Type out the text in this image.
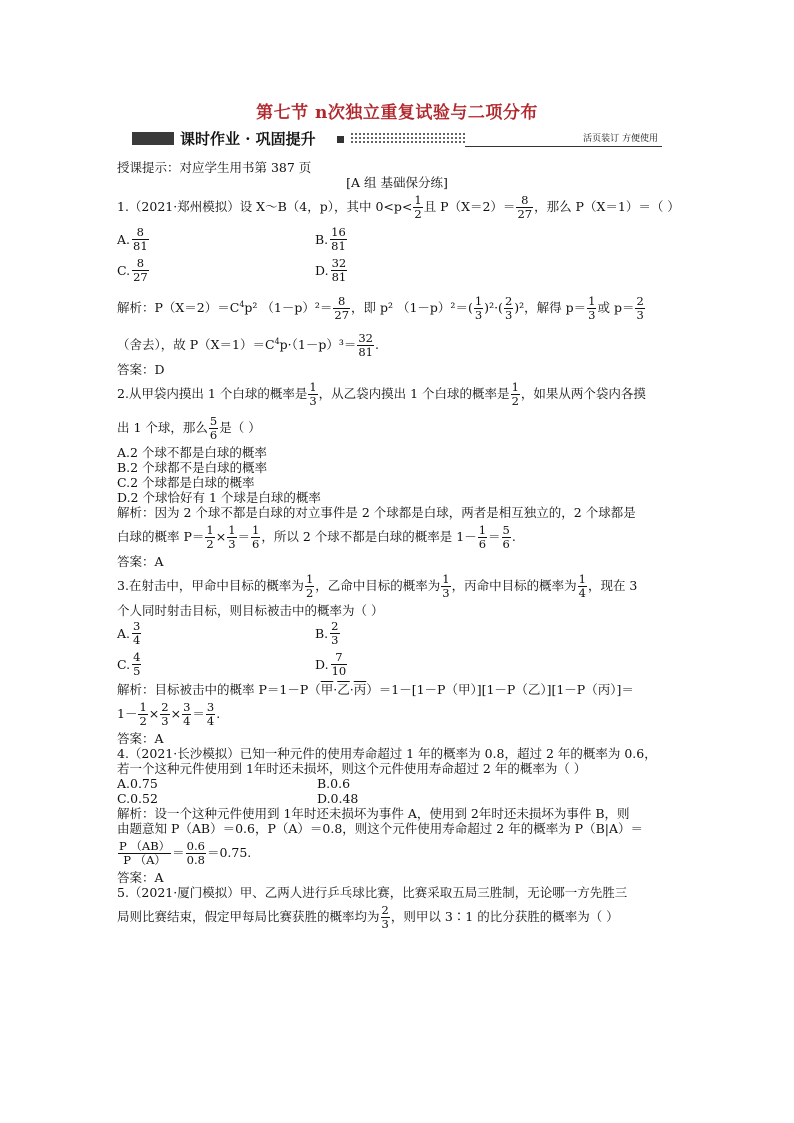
第七节 n次独立重复试验与二项分布
课时作业 · 巩固提升	活页装订 方便使用
授课提示：对应学生用书第 387 页
[A 组 基础保分练]
1.（2021·郑州模拟）设 X～B（4，p），其中 $0<p< \frac{1}{2}$ 且 $P(X=2)= \frac{8}{27}$ ，那么 P（X＝1）＝（ ）
A. $\frac{8}{81}$	B. $\frac{16}{81}$
C. $\frac{8}{27}$	D. $\frac{32}{81}$
解析：$P(X=2)=C^4p^2$ $(1-p)^2= \frac{8}{27}$ ，即 p² $(1-p)^2=( \frac{1}{3} )^2\cdot( \frac{2}{3} )^2$，解得 $p= \frac{1}{3}$ 或 $p= \frac{2}{3}$
（舍去），故 $P(X=1)=C^4p\cdot(1-p)^3= \frac{32}{81}$ .
答案：D
2.从甲袋内摸出 1 个白球的概率是 $\frac{1}{3}$ ，从乙袋内摸出 1 个白球的概率是 $\frac{1}{2}$ ，如果从两个袋内各摸
出 1 个球，那么 $\frac{5}{6}$ 是（ ）
A.2 个球不都是白球的概率
B.2 个球都不是白球的概率
C.2 个球都是白球的概率
D.2 个球恰好有 1 个球是白球的概率
解析：因为 2 个球不都是白球的对立事件是 2 个球都是白球，两者是相互独立的，2 个球都是
白球的概率 $P= \frac{1}{2} \times \frac{1}{3} = \frac{1}{6}$ ，所以 2 个球不都是白球的概率是 $1- \frac{1}{6} = \frac{5}{6}$ .
答案：A
3.在射击中，甲命中目标的概率为 $\frac{1}{2}$ ，乙命中目标的概率为 $\frac{1}{3}$ ，丙命中目标的概率为 $\frac{1}{4}$ ，现在 3
个人同时射击目标，则目标被击中的概率为（ ）
A. $\frac{3}{4}$	B. $\frac{2}{3}$
C. $\frac{4}{5}$	D. $\frac{7}{10}$
解析：目标被击中的概率 P＝1－P（甲·乙·丙）＝1－[1－P（甲）][1－P（乙）][1－P（丙）]＝
$1- \frac{1}{2} \times \frac{2}{3} \times \frac{3}{4} = \frac{3}{4}$ .
答案：A
4.（2021·长沙模拟）已知一种元件的使用寿命超过 1 年的概率为 0.8，超过 2 年的概率为 0.6，
若一个这种元件使用到 1年时还未损坏，则这个元件使用寿命超过 2 年的概率为（ ）
A.0.75	B.0.6
C.0.52	D.0.48
解析：设一个这种元件使用到 1年时还未损坏为事件 A，使用到 2年时还未损坏为事件 B，则
由题意知 P（AB）＝0.6，P（A）＝0.8，则这个元件使用寿命超过 2 年的概率为 P（B|A）＝
$\frac{P (AB)}{P (A)} = \frac{0.6}{0.8} =0.75$.
答案：A
5.（2021·厦门模拟）甲、乙两人进行乒乓球比赛，比赛采取五局三胜制，无论哪一方先胜三
局则比赛结束，假定甲每局比赛获胜的概率均为 $\frac{2}{3}$ ，则甲以 3∶1 的比分获胜的概率为（ ）
